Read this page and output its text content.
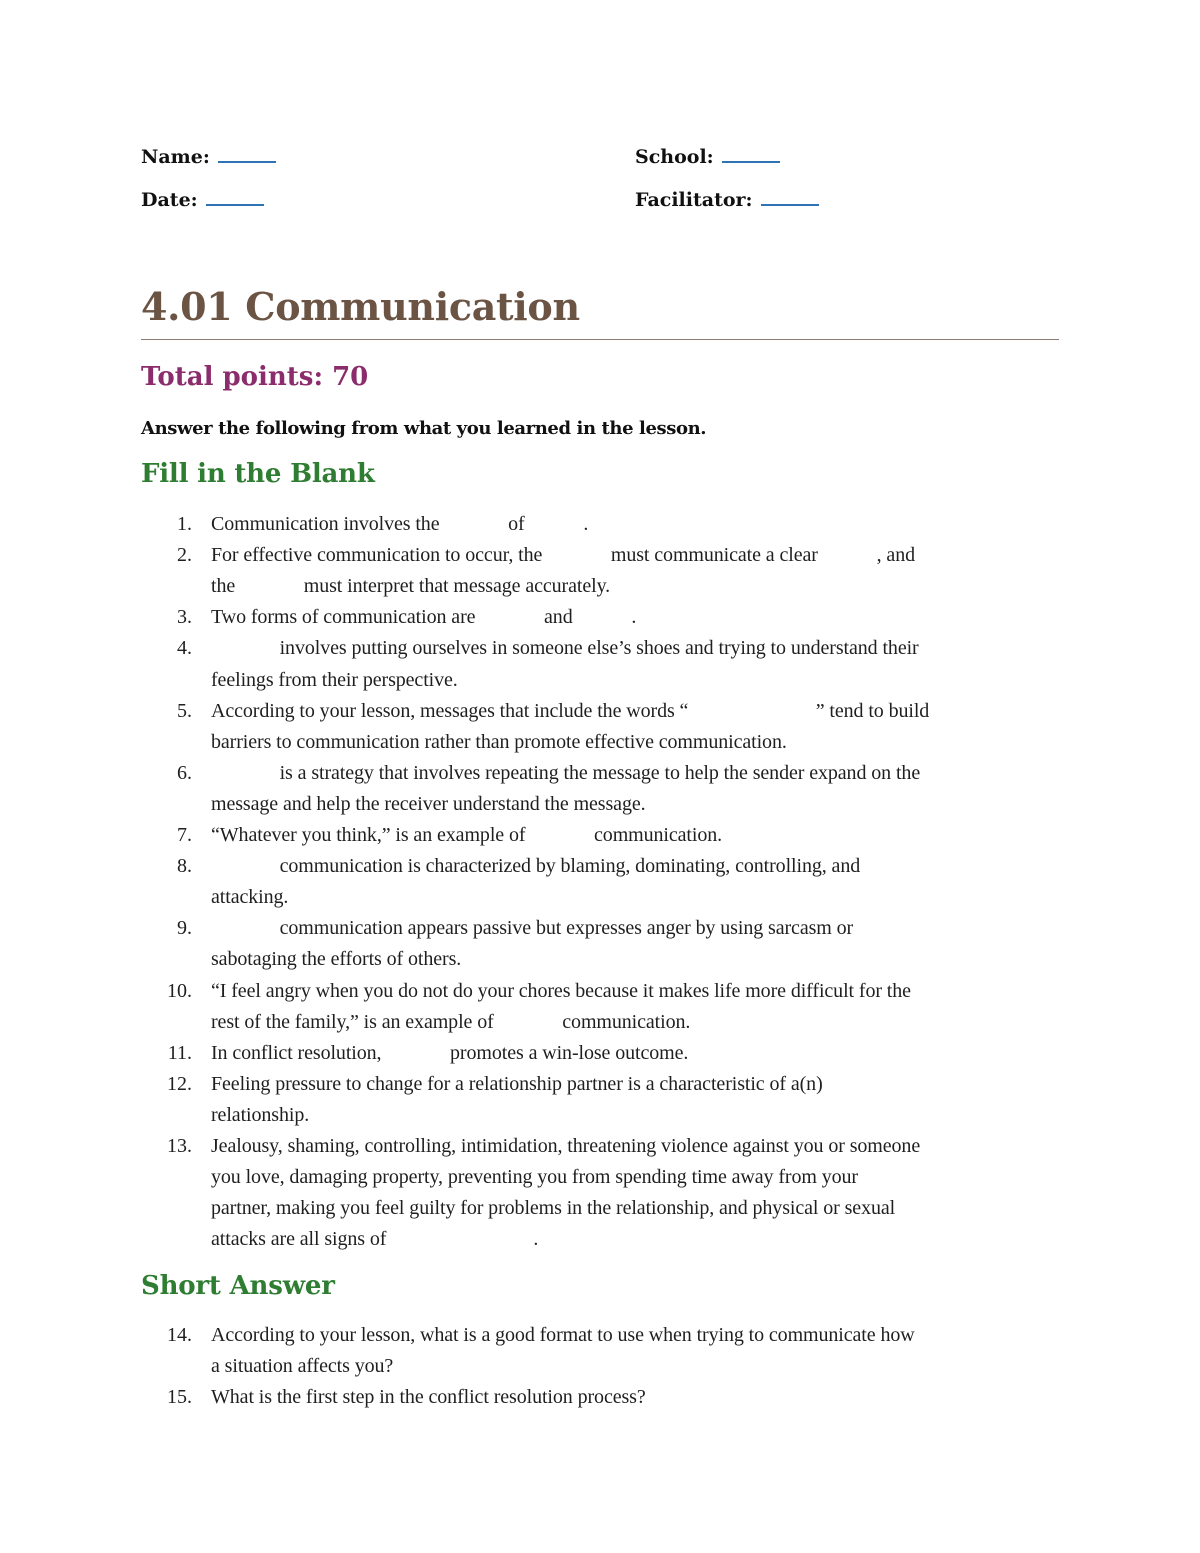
Name:	School:
Date:	Facilitator:
4.01 Communication
Total points: 70
Answer the following from what you learned in the lesson.
Fill in the Blank
Short Answer
1. Communication involves the              of            .
2. For effective communication to occur, the              must communicate a clear            , and
the              must interpret that message accurately.
3. Two forms of communication are              and            .
4. involves putting ourselves in someone else’s shoes and trying to understand their
feelings from their perspective.
5. According to your lesson, messages that include the words “                          ” tend to build
barriers to communication rather than promote effective communication.
6. is a strategy that involves repeating the message to help the sender expand on the
message and help the receiver understand the message.
7. “Whatever you think,” is an example of              communication.
8. communication is characterized by blaming, dominating, controlling, and
attacking.
9. communication appears passive but expresses anger by using sarcasm or
sabotaging the efforts of others.
10. “I feel angry when you do not do your chores because it makes life more difficult for the
rest of the family,” is an example of              communication.
11. In conflict resolution,              promotes a win-lose outcome.
12. Feeling pressure to change for a relationship partner is a characteristic of a(n)
relationship.
13. Jealousy, shaming, controlling, intimidation, threatening violence against you or someone
you love, damaging property, preventing you from spending time away from your
partner, making you feel guilty for problems in the relationship, and physical or sexual
attacks are all signs of                              .
14. According to your lesson, what is a good format to use when trying to communicate how
a situation affects you?
15. What is the first step in the conflict resolution process?
